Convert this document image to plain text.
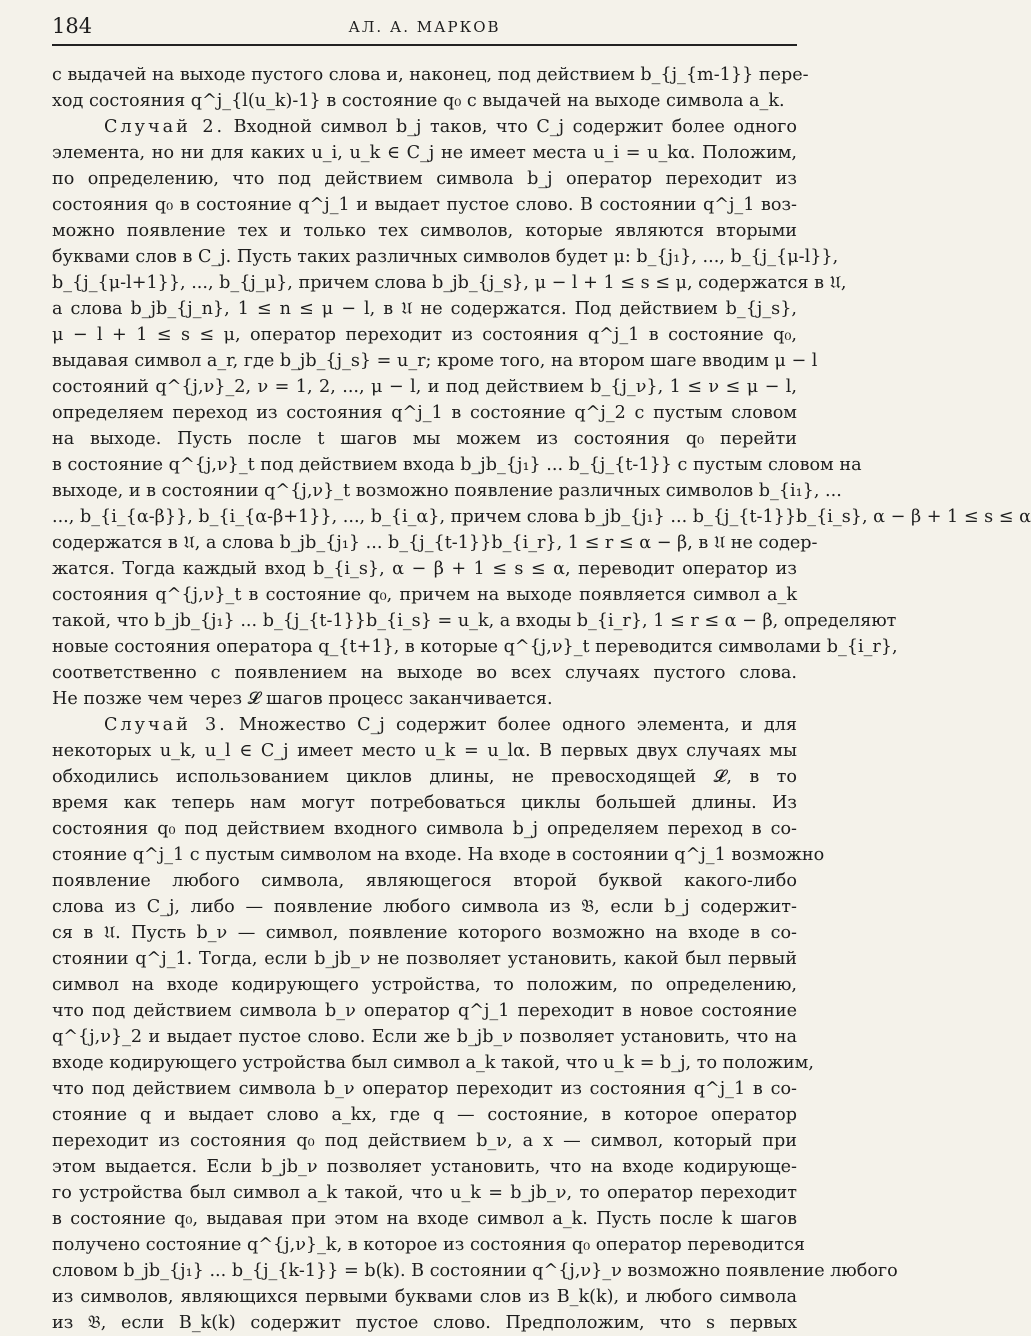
184	АЛ. А. МАРКОВ

с выдачей на выходе пустого слова и, наконец, под действием b_{j_{m-1}} пере-
ход состояния q^j_{l(u_k)-1} в состояние q₀ с выдачей на выходе символа a_k.

Случай 2. Входной символ b_j таков, что C_j содержит более одного
элемента, но ни для каких u_i, u_k ∈ C_j не имеет места u_i = u_kα. Положим,
по определению, что под действием символа b_j оператор переходит из
состояния q₀ в состояние q^j_1 и выдает пустое слово. В состоянии q^j_1 воз-
можно появление тех и только тех символов, которые являются вторыми
буквами слов в C_j. Пусть таких различных символов будет μ: b_{j₁}, ..., b_{j_{μ-l}},
b_{j_{μ-l+1}}, ..., b_{j_μ}, причем слова b_jb_{j_s}, μ − l + 1 ≤ s ≤ μ, содержатся в 𝔘,
а слова b_jb_{j_n}, 1 ≤ n ≤ μ − l, в 𝔘 не содержатся. Под действием b_{j_s},
μ − l + 1 ≤ s ≤ μ, оператор переходит из состояния q^j_1 в состояние q₀,
выдавая символ a_r, где b_jb_{j_s} = u_r; кроме того, на втором шаге вводим μ − l
состояний q^{j,ν}_2, ν = 1, 2, ..., μ − l, и под действием b_{j_ν}, 1 ≤ ν ≤ μ − l,
определяем переход из состояния q^j_1 в состояние q^j_2 с пустым словом
на выходе. Пусть после t шагов мы можем из состояния q₀ перейти
в состояние q^{j,ν}_t под действием входа b_jb_{j₁} ... b_{j_{t-1}} с пустым словом на
выходе, и в состоянии q^{j,ν}_t возможно появление различных символов b_{i₁}, ...
..., b_{i_{α-β}}, b_{i_{α-β+1}}, ..., b_{i_α}, причем слова b_jb_{j₁} ... b_{j_{t-1}}b_{i_s}, α − β + 1 ≤ s ≤ α
содержатся в 𝔘, а слова b_jb_{j₁} ... b_{j_{t-1}}b_{i_r}, 1 ≤ r ≤ α − β, в 𝔘 не содер-
жатся. Тогда каждый вход b_{i_s}, α − β + 1 ≤ s ≤ α, переводит оператор из
состояния q^{j,ν}_t в состояние q₀, причем на выходе появляется символ a_k
такой, что b_jb_{j₁} ... b_{j_{t-1}}b_{i_s} = u_k, а входы b_{i_r}, 1 ≤ r ≤ α − β, определяют
новые состояния оператора q_{t+1}, в которые q^{j,ν}_t переводится символами b_{i_r},
соответственно с появлением на выходе во всех случаях пустого слова.
Не позже чем через 𝓛 шагов процесс заканчивается.

Случай 3. Множество C_j содержит более одного элемента, и для
некоторых u_k, u_l ∈ C_j имеет место u_k = u_lα. В первых двух случаях мы
обходились использованием циклов длины, не превосходящей 𝓛, в то
время как теперь нам могут потребоваться циклы большей длины. Из
состояния q₀ под действием входного символа b_j определяем переход в со-
стояние q^j_1 с пустым символом на входе. На входе в состоянии q^j_1 возможно
появление любого символа, являющегося второй буквой какого-либо
слова из C_j, либо — появление любого символа из 𝔅, если b_j содержит-
ся в 𝔘. Пусть b_ν — символ, появление которого возможно на входе в со-
стоянии q^j_1. Тогда, если b_jb_ν не позволяет установить, какой был первый
символ на входе кодирующего устройства, то положим, по определению,
что под действием символа b_ν оператор q^j_1 переходит в новое состояние
q^{j,ν}_2 и выдает пустое слово. Если же b_jb_ν позволяет установить, что на
входе кодирующего устройства был символ a_k такой, что u_k = b_j, то положим,
что под действием символа b_ν оператор переходит из состояния q^j_1 в со-
стояние q и выдает слово a_kx, где q — состояние, в которое оператор
переходит из состояния q₀ под действием b_ν, а x — символ, который при
этом выдается. Если b_jb_ν позволяет установить, что на входе кодирующе-
го устройства был символ a_k такой, что u_k = b_jb_ν, то оператор переходит
в состояние q₀, выдавая при этом на входе символ a_k. Пусть после k шагов
получено состояние q^{j,ν}_k, в которое из состояния q₀ оператор переводится
словом b_jb_{j₁} ... b_{j_{k-1}} = b(k). В состоянии q^{j,ν}_ν возможно появление любого
из символов, являющихся первыми буквами слов из B_k(k), и любого символа
из 𝔅, если B_k(k) содержит пустое слово. Предположим, что s первых
